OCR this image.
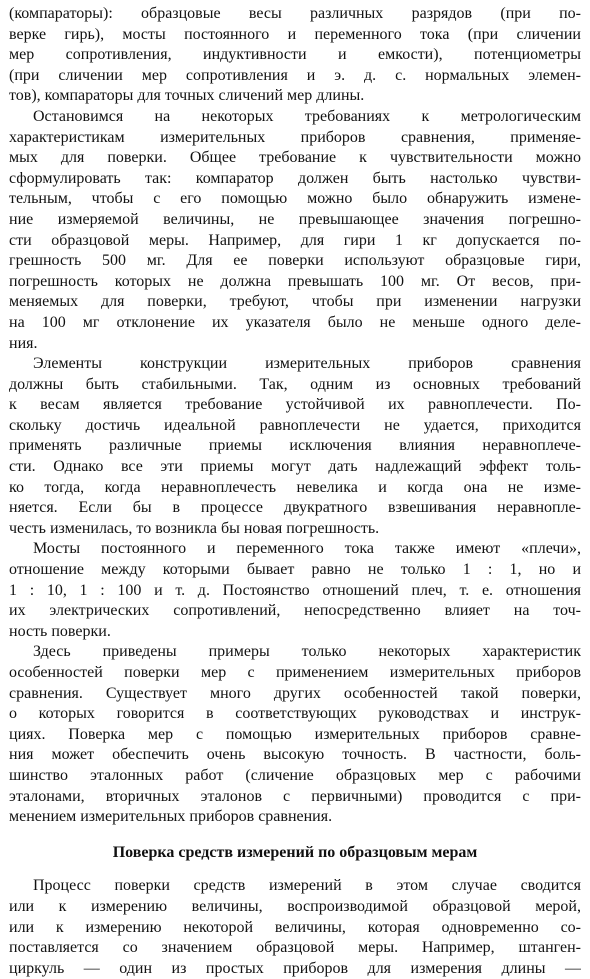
(компараторы): образцовые весы различных разрядов (при по-
верке гирь), мосты постоянного и переменного тока (при сличении
мер сопротивления, индуктивности и емкости), потенциометры
(при сличении мер сопротивления и э. д. с. нормальных элемен-
тов), компараторы для точных сличений мер длины.
Остановимся на некоторых требованиях к метрологическим
характеристикам измерительных приборов сравнения, применяе-
мых для поверки. Общее требование к чувствительности можно
сформулировать так: компаратор должен быть настолько чувстви-
тельным, чтобы с его помощью можно было обнаружить измене-
ние измеряемой величины, не превышающее значения погрешно-
сти образцовой меры. Например, для гири 1 кг допускается по-
грешность 500 мг. Для ее поверки используют образцовые гири,
погрешность которых не должна превышать 100 мг. От весов, при-
меняемых для поверки, требуют, чтобы при изменении нагрузки
на 100 мг отклонение их указателя было не меньше одного деле-
ния.
Элементы конструкции измерительных приборов сравнения
должны быть стабильными. Так, одним из основных требований
к весам является требование устойчивой их равноплечести. По-
скольку достичь идеальной равноплечести не удается, приходится
применять различные приемы исключения влияния неравноплече-
сти. Однако все эти приемы могут дать надлежащий эффект толь-
ко тогда, когда неравноплечесть невелика и когда она не изме-
няется. Если бы в процессе двукратного взвешивания неравноплe-
честь изменилась, то возникла бы новая погрешность.
Мосты постоянного и переменного тока также имеют «плечи»,
отношение между которыми бывает равно не только 1 : 1, но и
1 : 10, 1 : 100 и т. д. Постоянство отношений плеч, т. е. отношения
их электрических сопротивлений, непосредственно влияет на точ-
ность поверки.
Здесь приведены примеры только некоторых характеристик
особенностей поверки мер с применением измерительных приборов
сравнения. Существует много других особенностей такой поверки,
о которых говорится в соответствующих руководствах и инструк-
циях. Поверка мер с помощью измерительных приборов сравне-
ния может обеспечить очень высокую точность. В частности, боль-
шинство эталонных работ (сличение образцовых мер с рабочими
эталонами, вторичных эталонов с первичными) проводится с при-
менением измерительных приборов сравнения.
Поверка средств измерений по образцовым мерам
Процесс поверки средств измерений в этом случае сводится
или к измерению величины, воспроизводимой образцовой мерой,
или к измерению некоторой величины, которая одновременно со-
поставляется со значением образцовой меры. Например, штанген-
циркуль — один из простых приборов для измерения длины —
